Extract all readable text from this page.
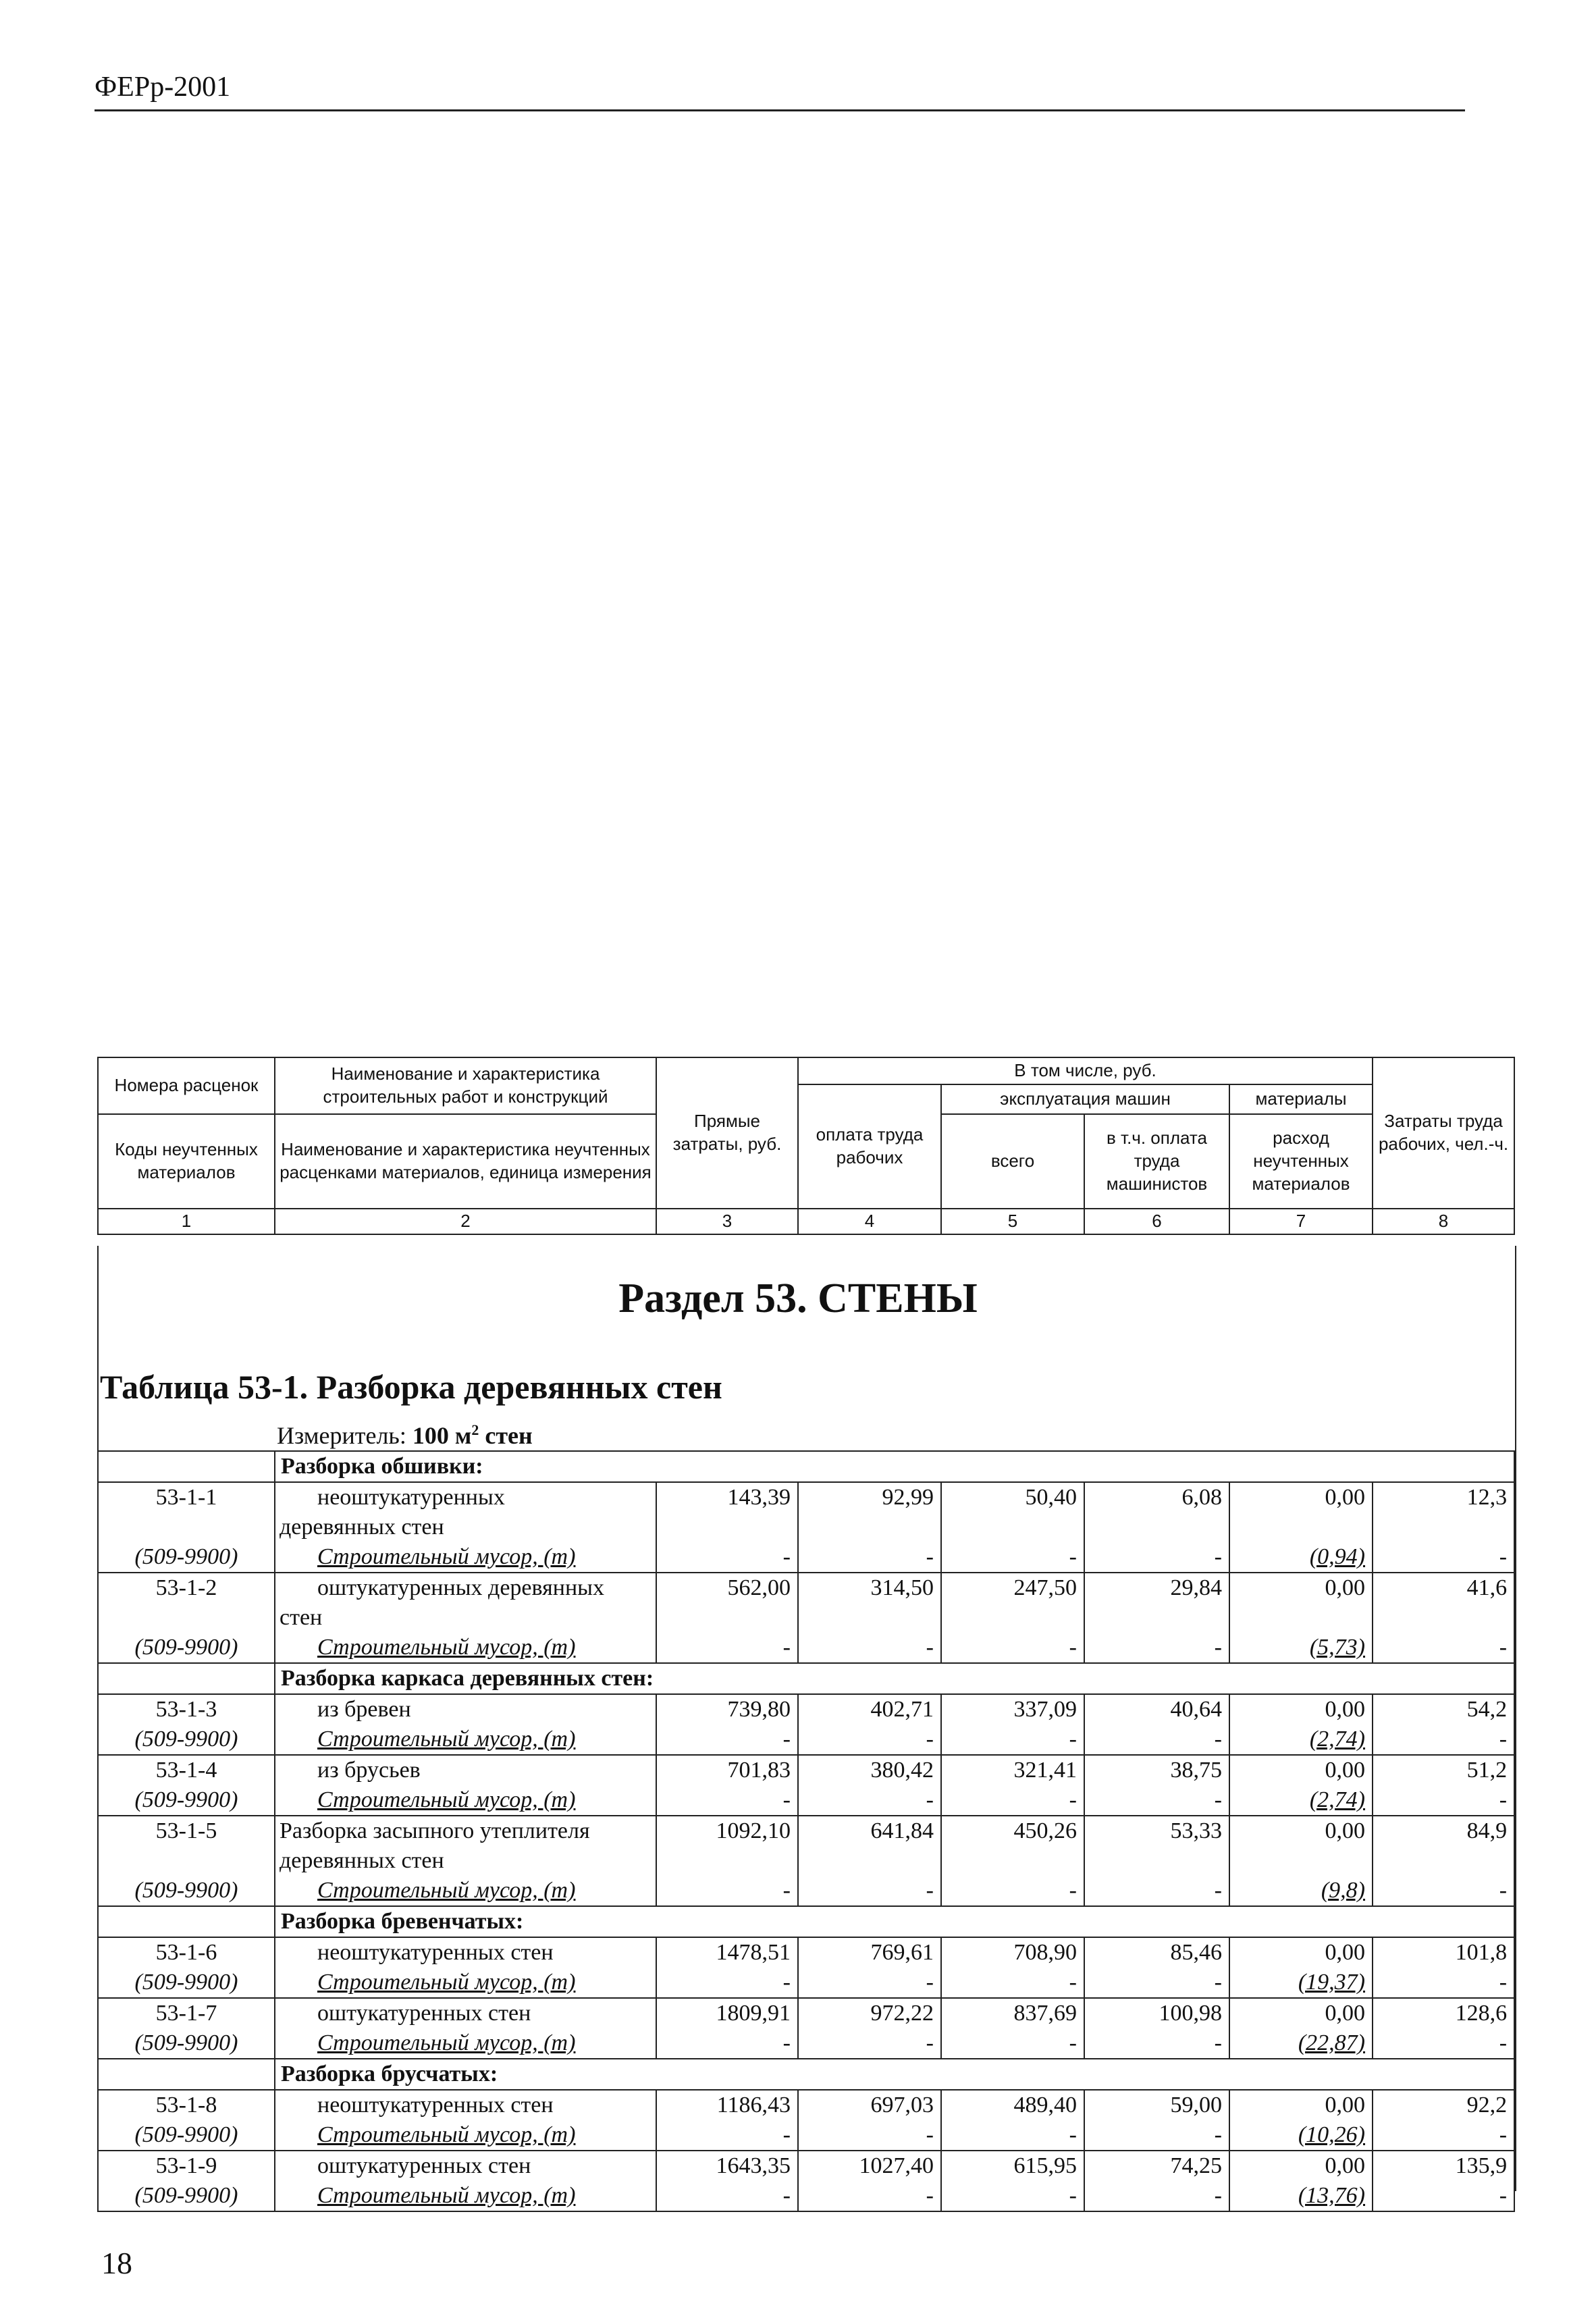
ФЕРр-2001
Номера расценок	Наименование и характеристика строительных работ и конструкций	Прямые затраты, руб.	В том числе, руб.				Затраты труда рабочих, чел.-ч.
			оплата труда рабочих	эксплуатация машин		материалы	
Коды неучтенных материалов	Наименование и характеристика неучтенных расценками материалов, единица измерения			всего	в т.ч. оплата труда машинистов	расход неучтенных материалов	

1	2	3	4	5	6	7	8
Раздел 53. СТЕНЫ
Таблица 53-1. Разборка деревянных стен
Измеритель: 100 $м^2$ стен
	Разборка обшивки:						
53-1-1	неоштукатуренных	143,39	92,99	50,40	6,08	0,00	12,3
	деревянных стен						
(509-9900)	Строительный мусор, (т)	-	-	-	-	(0,94)	-
53-1-2	оштукатуренных деревянных	562,00	314,50	247,50	29,84	0,00	41,6
	стен						
(509-9900)	Строительный мусор, (т)	-	-	-	-	(5,73)	-
	Разборка каркаса деревянных стен:						
53-1-3	из бревен	739,80	402,71	337,09	40,64	0,00	54,2
(509-9900)	Строительный мусор, (т)	-	-	-	-	(2,74)	-
53-1-4	из брусьев	701,83	380,42	321,41	38,75	0,00	51,2
(509-9900)	Строительный мусор, (т)	-	-	-	-	(2,74)	-
53-1-5	Разборка засыпного утеплителя	1092,10	641,84	450,26	53,33	0,00	84,9
	деревянных стен						
(509-9900)	Строительный мусор, (т)	-	-	-	-	(9,8)	-
	Разборка бревенчатых:						
53-1-6	неоштукатуренных стен	1478,51	769,61	708,90	85,46	0,00	101,8
(509-9900)	Строительный мусор, (т)	-	-	-	-	(19,37)	-
53-1-7	оштукатуренных стен	1809,91	972,22	837,69	100,98	0,00	128,6
(509-9900)	Строительный мусор, (т)	-	-	-	-	(22,87)	-
	Разборка брусчатых:						
53-1-8	неоштукатуренных стен	1186,43	697,03	489,40	59,00	0,00	92,2
(509-9900)	Строительный мусор, (т)	-	-	-	-	(10,26)	-
53-1-9	оштукатуренных стен	1643,35	1027,40	615,95	74,25	0,00	135,9
(509-9900)	Строительный мусор, (т)	-	-	-	-	(13,76)	-
18
